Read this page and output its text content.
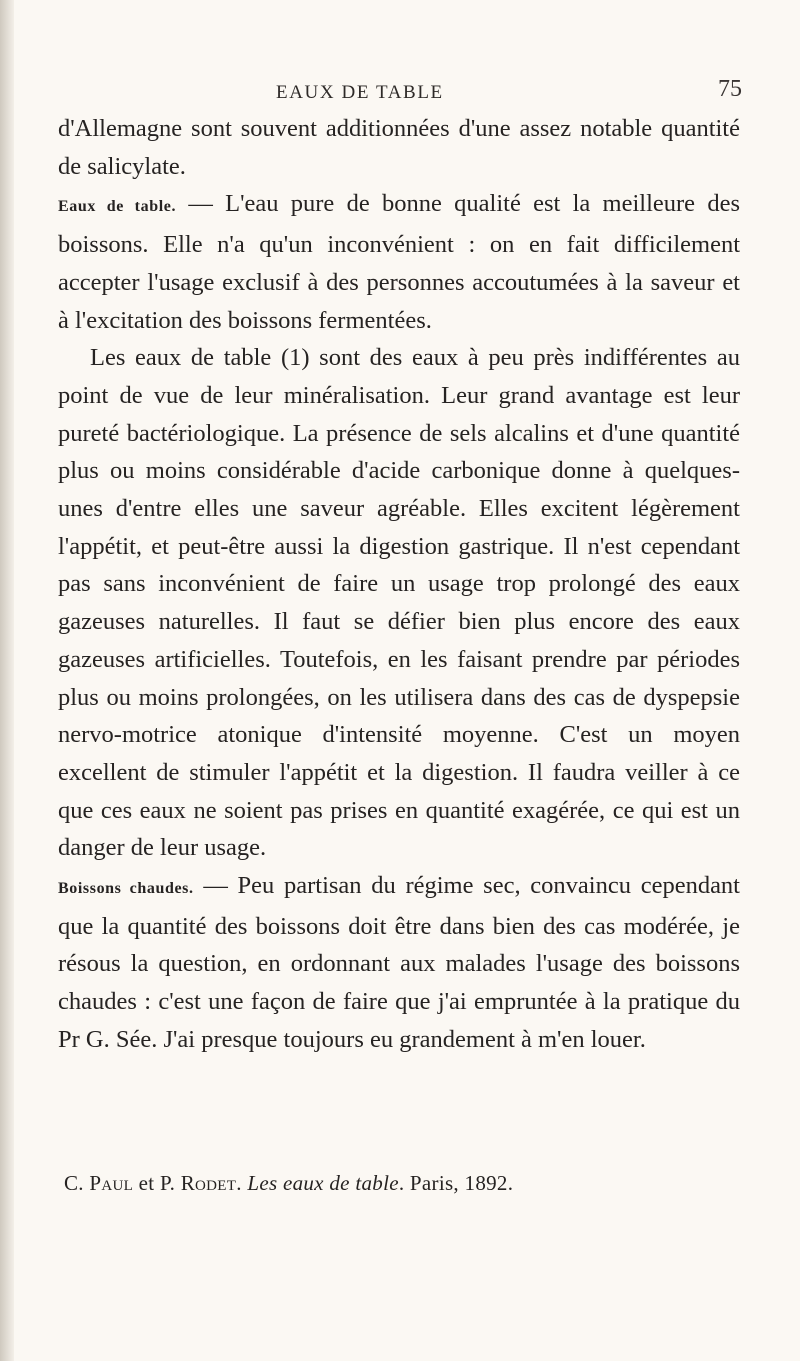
EAUX DE TABLE	75

d'Allemagne sont souvent additionnées d'une assez notable quantité de salicylate.

Eaux de table. — L'eau pure de bonne qualité est la meilleure des boissons. Elle n'a qu'un inconvénient : on en fait difficilement accepter l'usage exclusif à des personnes accoutumées à la saveur et à l'excitation des boissons fermentées.

Les eaux de table (1) sont des eaux à peu près indifférentes au point de vue de leur minéralisation. Leur grand avantage est leur pureté bactériologique. La présence de sels alcalins et d'une quantité plus ou moins considérable d'acide carbonique donne à quelques-unes d'entre elles une saveur agréable. Elles excitent légèrement l'appétit, et peut-être aussi la digestion gastrique. Il n'est cependant pas sans inconvénient de faire un usage trop prolongé des eaux gazeuses naturelles. Il faut se défier bien plus encore des eaux gazeuses artificielles. Toutefois, en les faisant prendre par périodes plus ou moins prolongées, on les utilisera dans des cas de dyspepsie nervo-motrice atonique d'intensité moyenne. C'est un moyen excellent de stimuler l'appétit et la digestion. Il faudra veiller à ce que ces eaux ne soient pas prises en quantité exagérée, ce qui est un danger de leur usage.

Boissons chaudes. — Peu partisan du régime sec, convaincu cependant que la quantité des boissons doit être dans bien des cas modérée, je résous la question, en ordonnant aux malades l'usage des boissons chaudes : c'est une façon de faire que j'ai empruntée à la pratique du Pr G. Sée. J'ai presque toujours eu grandement à m'en louer.

C. Paul et P. Rodet. Les eaux de table. Paris, 1892.
